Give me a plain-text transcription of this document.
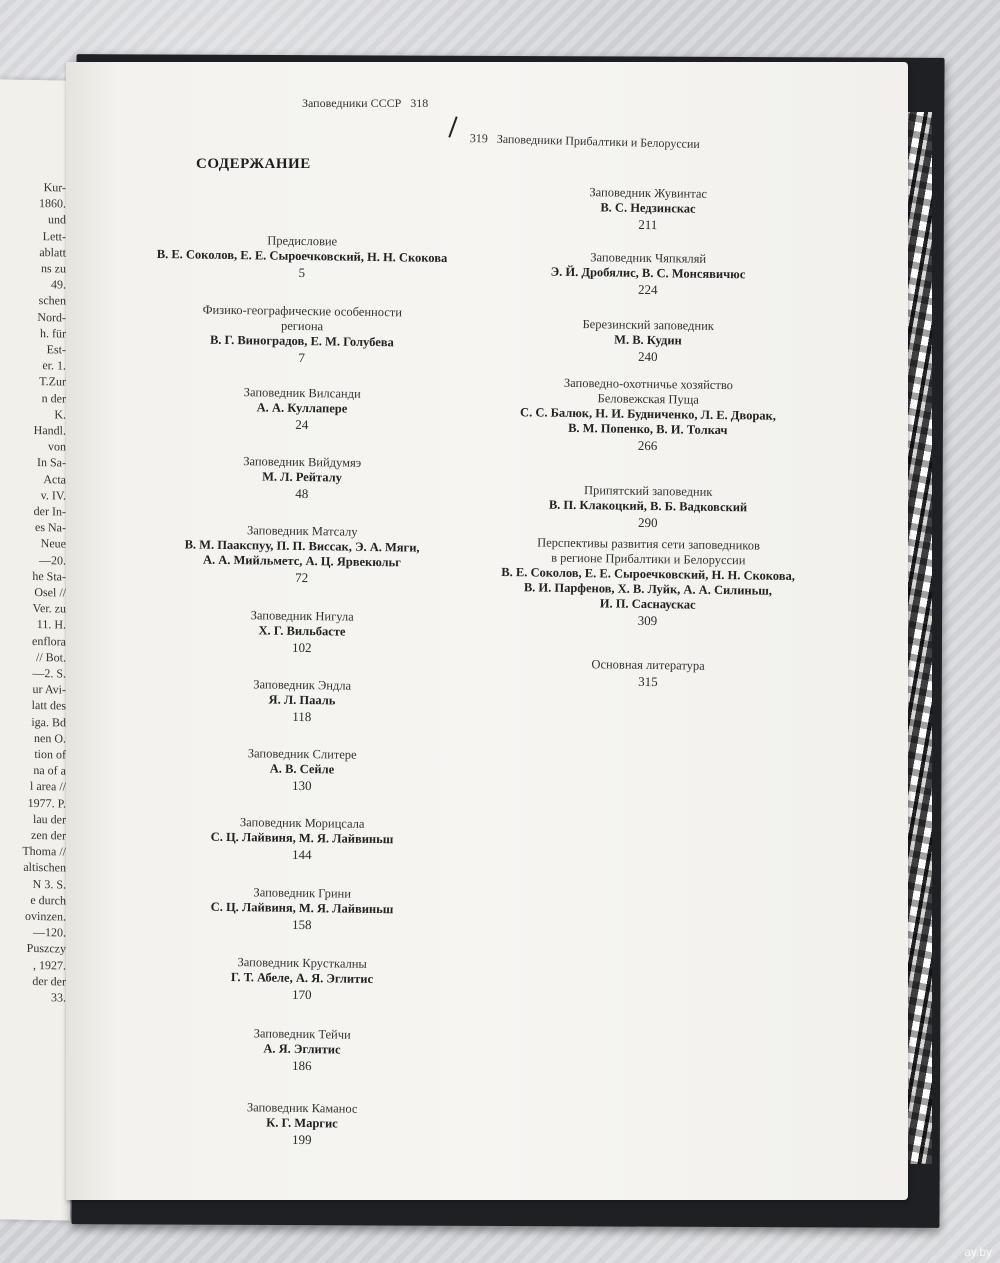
Kur-
1860.
und
Lett-
ablatt
ns zu
49.
schen
Nord-
h. für
Est-
er. 1.
T.Zur
n der
K.
Handl.
von
In Sa-
Acta
v. IV.
der In-
es Na-
Neue
—20.
he Sta-
Osel //
Ver. zu
11. H.
enflora
// Bot.
—2. S.
ur Avi-
latt des
iga. Bd
nen O.
tion of
na of a
l area //
1977. P.
lau der
zen der
Thoma //
altischen
N 3. S.
e durch
ovinzen.
—120.
Puszczy
, 1927.
der der
33.
Заповедники СССР 318
319 Заповедники Прибалтики и Белоруссии
СОДЕРЖАНИЕ
Предисловие
В. Е. Соколов, Е. Е. Сыроечковский, Н. Н. Скокова
5
Физико-географические особенности
региона
В. Г. Виноградов, Е. М. Голубева
7
Заповедник Вилсанди
А. А. Куллапере
24
Заповедник Вийдумяэ
М. Л. Рейталу
48
Заповедник Матсалу
В. М. Паакспуу, П. П. Виссак, Э. А. Мяги,
А. А. Мийльметс, А. Ц. Ярвекюльг
72
Заповедник Нигула
Х. Г. Вильбасте
102
Заповедник Эндла
Я. Л. Пааль
118
Заповедник Слитере
А. В. Сейле
130
Заповедник Морицсала
С. Ц. Лайвиня, М. Я. Лайвиньш
144
Заповедник Грини
С. Ц. Лайвиня, М. Я. Лайвиньш
158
Заповедник Крусткалны
Г. Т. Абеле, А. Я. Эглитис
170
Заповедник Тейчи
А. Я. Эглитис
186
Заповедник Каманос
К. Г. Маргис
199
Заповедник Жувинтас
В. С. Недзинскас
211
Заповедник Чяпкяляй
Э. Й. Дробялис, В. С. Монсявичюс
224
Березинский заповедник
М. В. Кудин
240
Заповедно-охотничье хозяйство
Беловежская Пуща
С. С. Балюк, Н. И. Будниченко, Л. Е. Дворак,
В. М. Попенко, В. И. Толкач
266
Припятский заповедник
В. П. Клакоцкий, В. Б. Вадковский
290
Перспективы развития сети заповедников
в регионе Прибалтики и Белоруссии
В. Е. Соколов, Е. Е. Сыроечковский, Н. Н. Скокова,
В. И. Парфенов, Х. В. Луйк, А. А. Силиньш,
И. П. Саснаускас
309
Основная литература
315
ay.by
